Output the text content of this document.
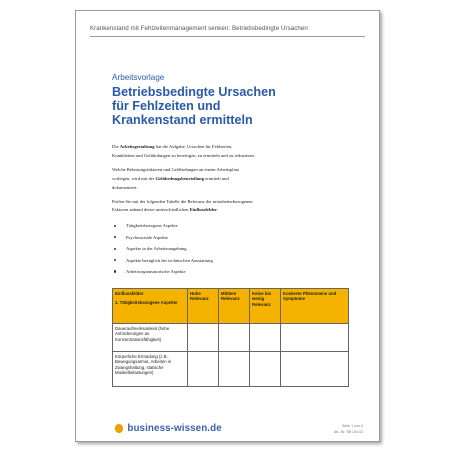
Krankenstand mit Fehlzeitenmanagement senken: Betriebsbedingte Ursachen
Arbeitsvorlage
Betriebsbedingte Ursachen
für Fehlzeiten und
Krankenstand ermitteln

Die Arbeitsgestaltung hat die Aufgabe, Ursachen für Fehlzeiten,
Krankheiten und Gefährdungen zu beseitigen, zu ermitteln und zu reduzieren.

Welche Belastungsfaktoren und Gefährdungen an einem Arbeitsplatz
vorliegen, wird mit der Gefährdungsbeurteilung ermittelt und
dokumentiert.

Prüfen Sie mit der folgenden Tabelle die Relevanz der mitarbeiterbezogenen
Faktoren anhand dieser unterschiedlichen Einflussfelder:

Tätigkeitsbezogene Aspekte
Psychosoziale Aspekte
Aspekte in der Arbeitsumgebung
Aspekte bezüglich der technischen Ausstattung
Arbeitsorganisatorische Aspekte
Einflussfelder
1. Tätigkeitsbezogene Aspekte	Hohe Relevanz	Mittlere Relevanz	Keine bis wenig Relevanz	Konkrete Phänomene und Symptome
Daueraufmerksamkeit (hohe Anforderungen an Konzentrationsfähigkeit)				
Körperliche Ermüdung (z.B. Bewegungsarmut, Arbeiten in Zwangshaltung, statische Muskelbelastungen)				
business-wissen.de	Seite 1 von 2
Art.-Nr. SB 104 02
